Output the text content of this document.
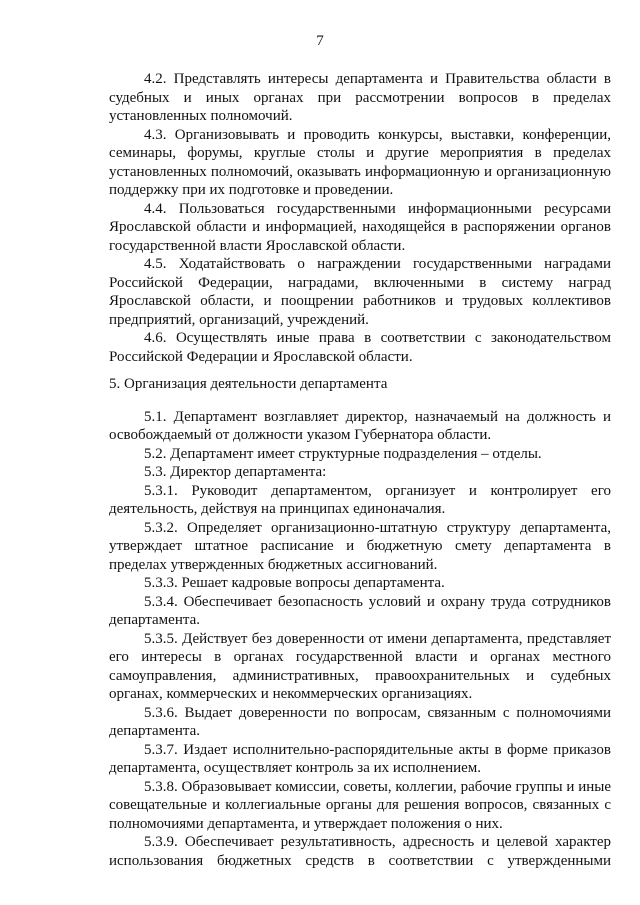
7

4.2. Представлять интересы департамента и Правительства области в судебных и иных органах при рассмотрении вопросов в пределах установленных полномочий.

4.3. Организовывать и проводить конкурсы, выставки, конференции, семинары, форумы, круглые столы и другие мероприятия в пределах установленных полномочий, оказывать информационную и организационную поддержку при их подготовке и проведении.

4.4. Пользоваться государственными информационными ресурсами Ярославской области и информацией, находящейся в распоряжении органов государственной власти Ярославской области.

4.5. Ходатайствовать о награждении государственными наградами Российской Федерации, наградами, включенными в систему наград Ярославской области, и поощрении работников и трудовых коллективов предприятий, организаций, учреждений.

4.6. Осуществлять иные права в соответствии с законодательством Российской Федерации и Ярославской области.

5. Организация деятельности департамента

5.1. Департамент возглавляет директор, назначаемый на должность и освобождаемый от должности указом Губернатора области.

5.2. Департамент имеет структурные подразделения – отделы.

5.3. Директор департамента:

5.3.1. Руководит департаментом, организует и контролирует его деятельность, действуя на принципах единоначалия.

5.3.2. Определяет организационно-штатную структуру департамента, утверждает штатное расписание и бюджетную смету департамента в пределах утвержденных бюджетных ассигнований.

5.3.3. Решает кадровые вопросы департамента.

5.3.4. Обеспечивает безопасность условий и охрану труда сотрудников департамента.

5.3.5. Действует без доверенности от имени департамента, представляет его интересы в органах государственной власти и органах местного самоуправления, административных, правоохранительных и судебных органах, коммерческих и некоммерческих организациях.

5.3.6. Выдает доверенности по вопросам, связанным с полномочиями департамента.

5.3.7. Издает исполнительно-распорядительные акты в форме приказов департамента, осуществляет контроль за их исполнением.

5.3.8. Образовывает комиссии, советы, коллегии, рабочие группы и иные совещательные и коллегиальные органы для решения вопросов, связанных с полномочиями департамента, и утверждает положения о них.

5.3.9. Обеспечивает результативность, адресность и целевой характер использования бюджетных средств в соответствии с утвержденными
